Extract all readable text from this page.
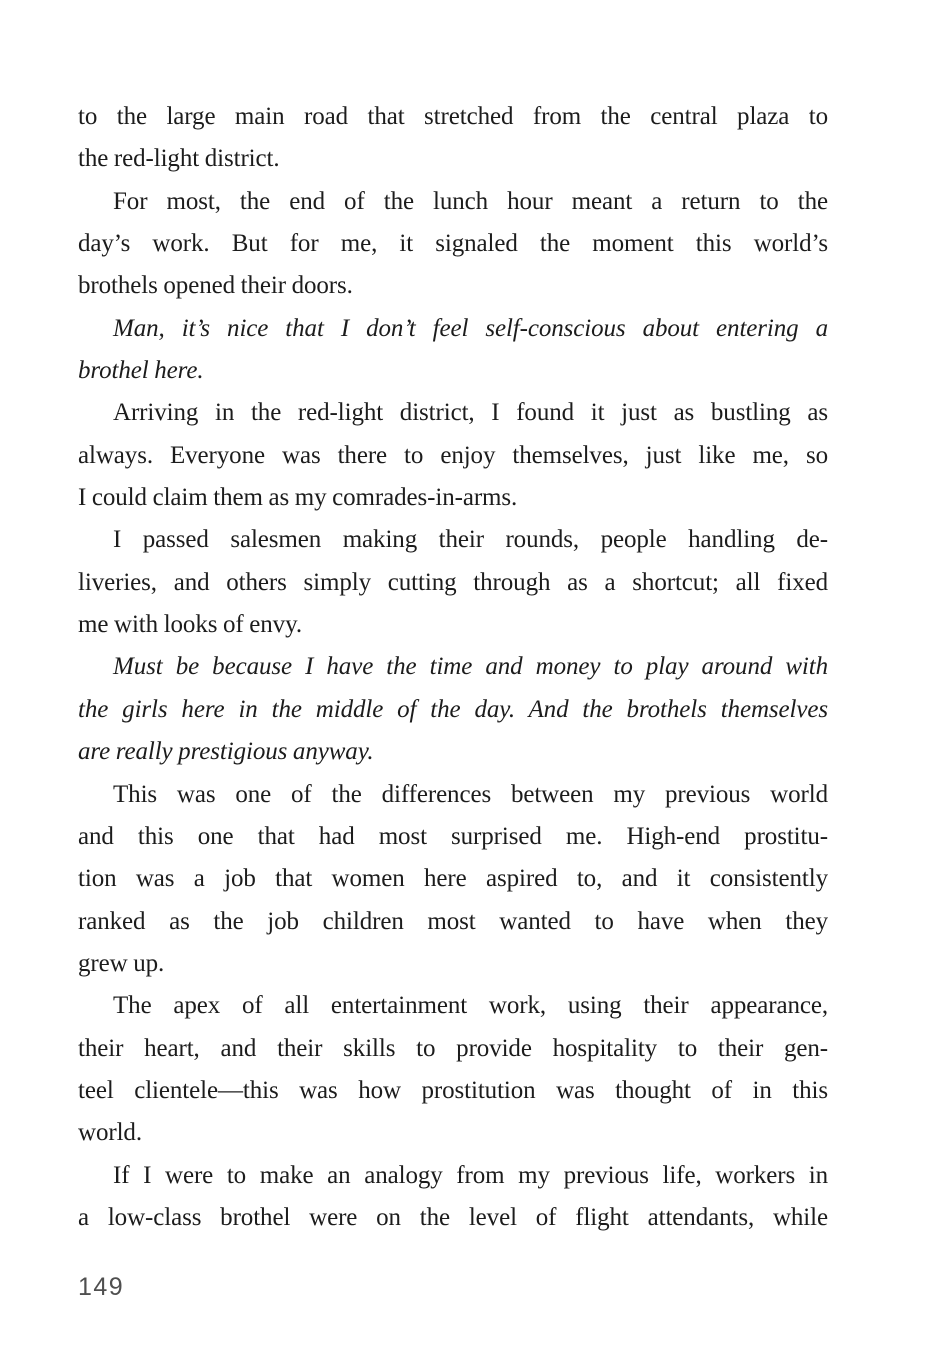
to the large main road that stretched from the central plaza to
the red-light district.
For most, the end of the lunch hour meant a return to the
day’s work. But for me, it signaled the moment this world’s
brothels opened their doors.
Man, it’s nice that I don’t feel self-conscious about entering a
brothel here.
Arriving in the red-light district, I found it just as bustling as
always. Everyone was there to enjoy themselves, just like me, so
I could claim them as my comrades-in-arms.
I passed salesmen making their rounds, people handling de-
liveries, and others simply cutting through as a shortcut; all fixed
me with looks of envy.
Must be because I have the time and money to play around with
the girls here in the middle of the day. And the brothels themselves
are really prestigious anyway.
This was one of the differences between my previous world
and this one that had most surprised me. High-end prostitu-
tion was a job that women here aspired to, and it consistently
ranked as the job children most wanted to have when they
grew up.
The apex of all entertainment work, using their appearance,
their heart, and their skills to provide hospitality to their gen-
teel clientele—this was how prostitution was thought of in this
world.
If I were to make an analogy from my previous life, workers in
a low-class brothel were on the level of flight attendants, while
149
